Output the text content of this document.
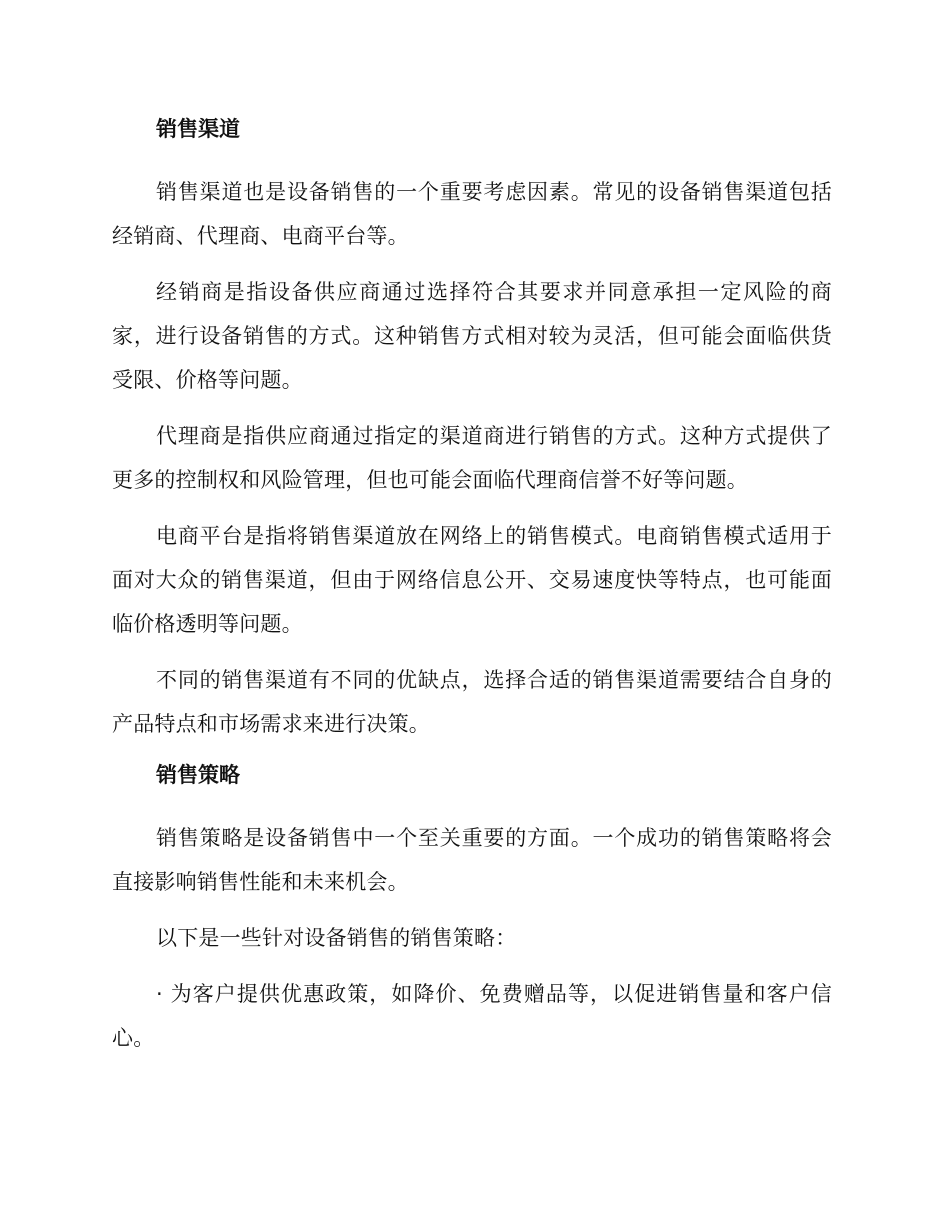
销售渠道

销售渠道也是设备销售的一个重要考虑因素。常见的设备销售渠道包括经销商、代理商、电商平台等。

经销商是指设备供应商通过选择符合其要求并同意承担一定风险的商家，进行设备销售的方式。这种销售方式相对较为灵活，但可能会面临供货受限、价格等问题。

代理商是指供应商通过指定的渠道商进行销售的方式。这种方式提供了更多的控制权和风险管理，但也可能会面临代理商信誉不好等问题。

电商平台是指将销售渠道放在网络上的销售模式。电商销售模式适用于面对大众的销售渠道，但由于网络信息公开、交易速度快等特点，也可能面临价格透明等问题。

不同的销售渠道有不同的优缺点，选择合适的销售渠道需要结合自身的产品特点和市场需求来进行决策。

销售策略

销售策略是设备销售中一个至关重要的方面。一个成功的销售策略将会直接影响销售性能和未来机会。

以下是一些针对设备销售的销售策略：

· 为客户提供优惠政策，如降价、免费赠品等，以促进销售量和客户信心。
